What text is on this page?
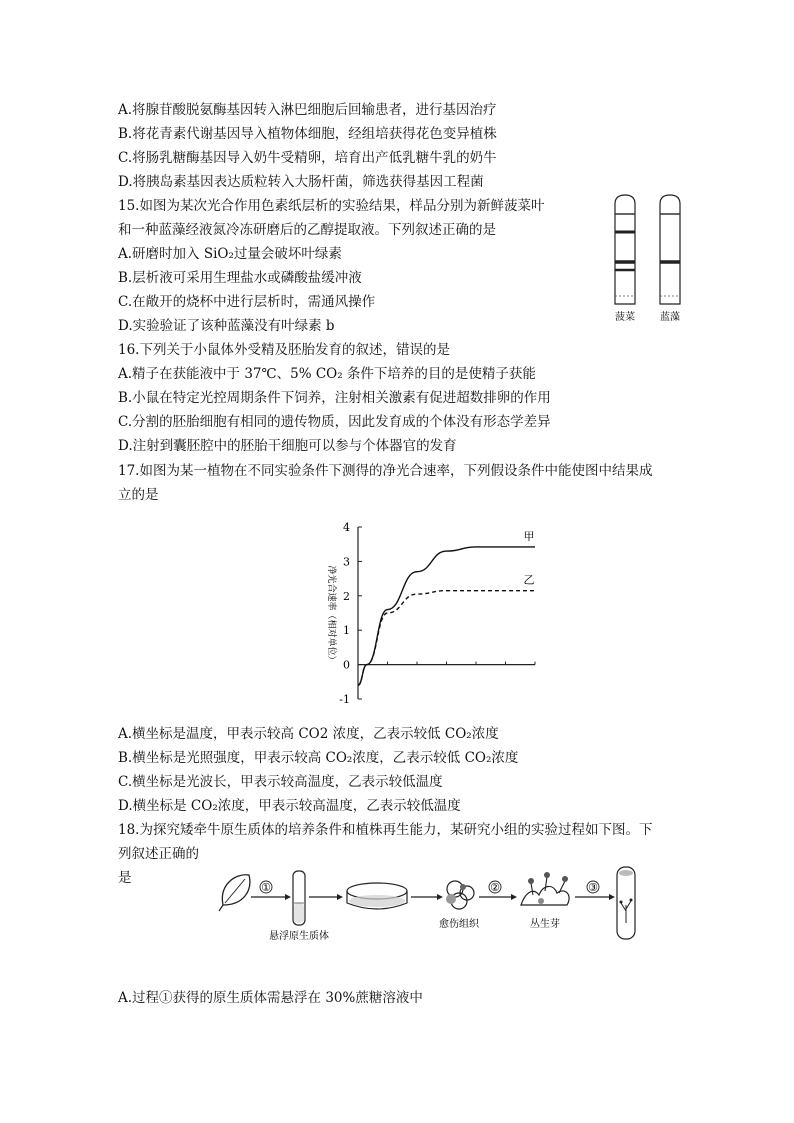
A.将腺苷酸脱氨酶基因转入淋巴细胞后回输患者，进行基因治疗
B.将花青素代谢基因导入植物体细胞，经组培获得花色变异植株
C.将肠乳糖酶基因导入奶牛受精卵，培育出产低乳糖牛乳的奶牛
D.将胰岛素基因表达质粒转入大肠杆菌，筛选获得基因工程菌
15.如图为某次光合作用色素纸层析的实验结果，样品分别为新鲜菠菜叶
和一种蓝藻经液氮冷冻研磨后的乙醇提取液。下列叙述正确的是
A.研磨时加入 SiO₂过量会破坏叶绿素
B.层析液可采用生理盐水或磷酸盐缓冲液
C.在敞开的烧杯中进行层析时，需通风操作
D.实验验证了该种蓝藻没有叶绿素 b
16.下列关于小鼠体外受精及胚胎发育的叙述，错误的是
A.精子在获能液中于 37℃、5% CO₂ 条件下培养的目的是使精子获能
B.小鼠在特定光控周期条件下饲养，注射相关激素有促进超数排卵的作用
C.分割的胚胎细胞有相同的遗传物质，因此发育成的个体没有形态学差异
D.注射到囊胚腔中的胚胎干细胞可以参与个体器官的发育
17.如图为某一植物在不同实验条件下测得的净光合速率，下列假设条件中能使图中结果成
立的是
A.横坐标是温度，甲表示较高 CO2 浓度，乙表示较低 CO₂浓度
B.横坐标是光照强度，甲表示较高 CO₂浓度，乙表示较低 CO₂浓度
C.横坐标是光波长，甲表示较高温度，乙表示较低温度
D.横坐标是 CO₂浓度，甲表示较高温度，乙表示较低温度
18.为探究矮牵牛原生质体的培养条件和植株再生能力，某研究小组的实验过程如下图。下
列叙述正确的
是
A.过程①获得的原生质体需悬浮在 30%蔗糖溶液中
菠菜	蓝藻
净光合速率（相对单位）
-1
0
1
2
3
4
甲
乙
①
悬浮原生质体
愈伤组织
②
丛生芽
③
